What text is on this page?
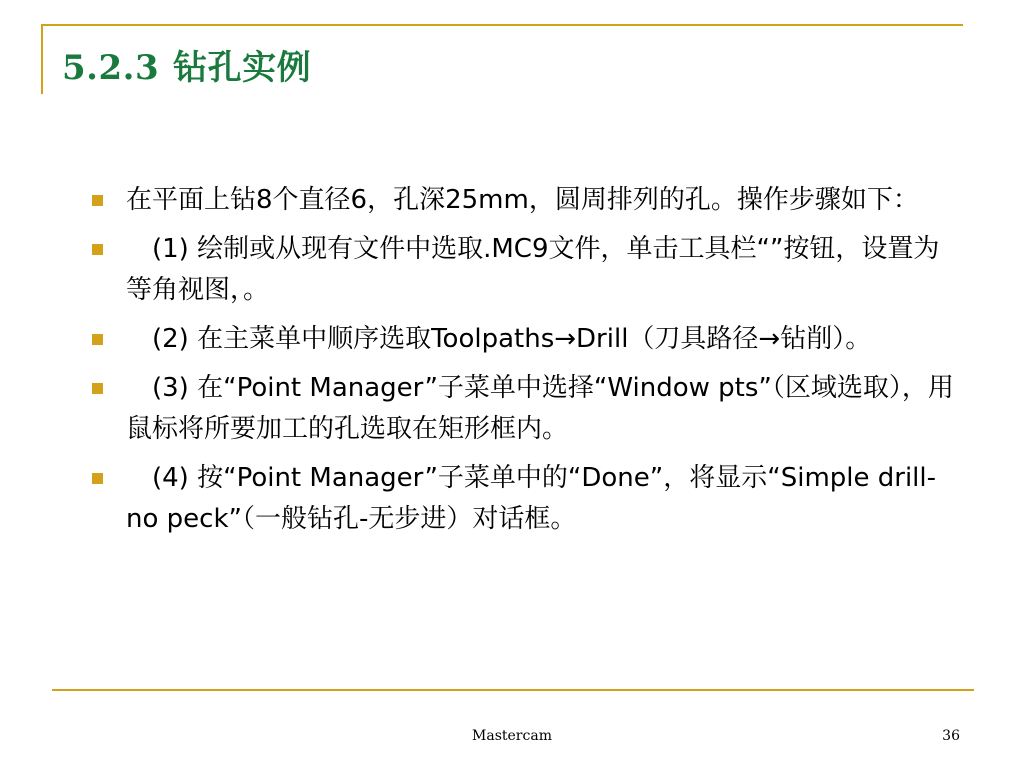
5.2.3 钻孔实例
在平面上钻8个直径6，孔深25mm，圆周排列的孔。操作步骤如下：
　(1) 绘制或从现有文件中选取.MC9文件，单击工具栏“”按钮，设置为等角视图，。
　(2) 在主菜单中顺序选取Toolpaths→Drill（刀具路径→钻削）。
　(3) 在“Point Manager”子菜单中选择“Window pts”（区域选取），用鼠标将所要加工的孔选取在矩形框内。
　(4) 按“Point Manager”子菜单中的“Done”，将显示“Simple drill-no peck”（一般钻孔-无步进）对话框。
Mastercam	36
